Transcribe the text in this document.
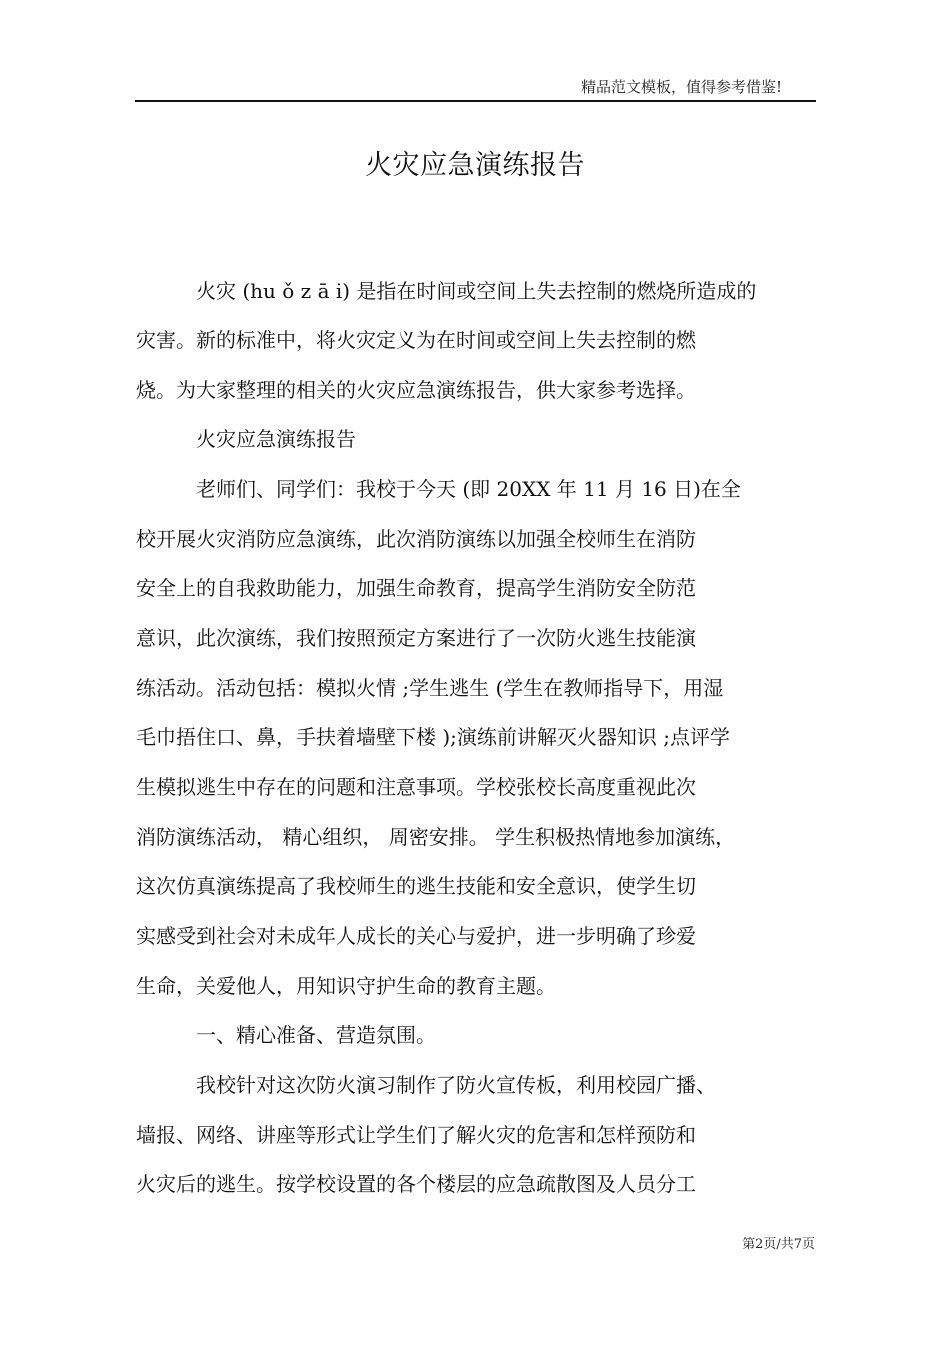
精品范文模板，值得参考借鉴!
火灾应急演练报告
火灾 (hu ǒ z ā i) 是指在时间或空间上失去控制的燃烧所造成的
灾害。新的标准中，将火灾定义为在时间或空间上失去控制的燃
烧。为大家整理的相关的火灾应急演练报告，供大家参考选择。
火灾应急演练报告
老师们、同学们：我校于今天 (即 20XX 年 11 月 16 日)在全
校开展火灾消防应急演练，此次消防演练以加强全校师生在消防
安全上的自我救助能力，加强生命教育，提高学生消防安全防范
意识，此次演练，我们按照预定方案进行了一次防火逃生技能演
练活动。活动包括：模拟火情 ;学生逃生 (学生在教师指导下，用湿
毛巾捂住口、鼻，手扶着墙壁下楼 );演练前讲解灭火器知识 ;点评学
生模拟逃生中存在的问题和注意事项。学校张校长高度重视此次
消防演练活动， 精心组织， 周密安排。 学生积极热情地参加演练，
这次仿真演练提高了我校师生的逃生技能和安全意识，使学生切
实感受到社会对未成年人成长的关心与爱护，进一步明确了珍爱
生命，关爱他人，用知识守护生命的教育主题。
一、精心准备、营造氛围。
我校针对这次防火演习制作了防火宣传板，利用校园广播、
墙报、网络、讲座等形式让学生们了解火灾的危害和怎样预防和
火灾后的逃生。按学校设置的各个楼层的应急疏散图及人员分工
第2页/共7页
